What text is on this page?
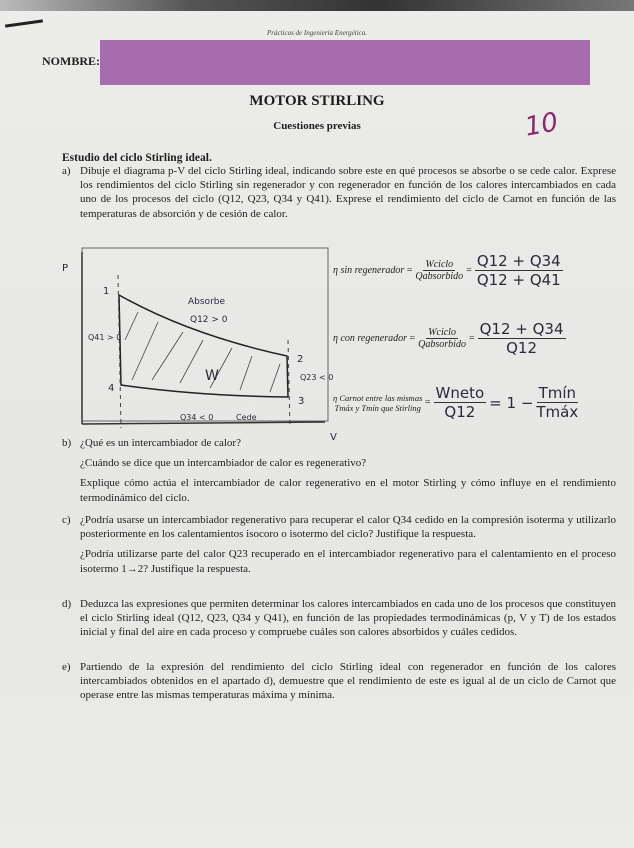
Prácticas de Ingeniería Energética.
NOMBRE:
MOTOR STIRLING
Cuestiones previas	10
Estudio del ciclo Stirling ideal.
a) Dibuje el diagrama p-V del ciclo Stirling ideal, indicando sobre este en qué procesos se absorbe o se cede calor. Exprese los rendimientos del ciclo Stirling sin regenerador y con regenerador en función de los calores intercambiados en cada uno de los procesos del ciclo (Q12, Q23, Q34 y Q41). Exprese el rendimiento del ciclo de Carnot en función de las temperaturas de absorción y de cesión de calor.

P
V
1
2
3
4
Absorbe
Q12 > 0
Q41 > 0
Q23 < 0
Q34 < 0	Cede
W
η sin regenerador = $\frac{\text{Wciclo}}{\text{Qabsorbido}} = \frac{Q12 + Q34}{Q12 + Q41}$
η con regenerador = $\frac{\text{Wciclo}}{\text{Qabsorbido}} = \frac{Q12 + Q34}{Q12}$
η Carnot entre las mismas
Tmáx y Tmín que Stirling = $\frac{\text{Wneto}}{Q12} = 1 - \frac{\text{Tmín}}{\text{Tmáx}}$
b) ¿Qué es un intercambiador de calor?

¿Cuándo se dice que un intercambiador de calor es regenerativo?

Explique cómo actúa el intercambiador de calor regenerativo en el motor Stirling y cómo influye en el rendimiento termodinámico del ciclo.

c) ¿Podría usarse un intercambiador regenerativo para recuperar el calor Q34 cedido en la compresión isoterma y utilizarlo posteriormente en los calentamientos isocoro o isotermo del ciclo? Justifique la respuesta.

¿Podría utilizarse parte del calor Q23 recuperado en el intercambiador regenerativo para el calentamiento en el proceso isotermo 1→2? Justifique la respuesta.

d) Deduzca las expresiones que permiten determinar los calores intercambiados en cada uno de los procesos que constituyen el ciclo Stirling ideal (Q12, Q23, Q34 y Q41), en función de las propiedades termodinámicas (p, V y T) de los estados inicial y final del aire en cada proceso y compruebe cuáles son calores absorbidos y cuáles cedidos.

e) Partiendo de la expresión del rendimiento del ciclo Stirling ideal con regenerador en función de los calores intercambiados obtenidos en el apartado d), demuestre que el rendimiento de este es igual al de un ciclo de Carnot que operase entre las mismas temperaturas máxima y mínima.
